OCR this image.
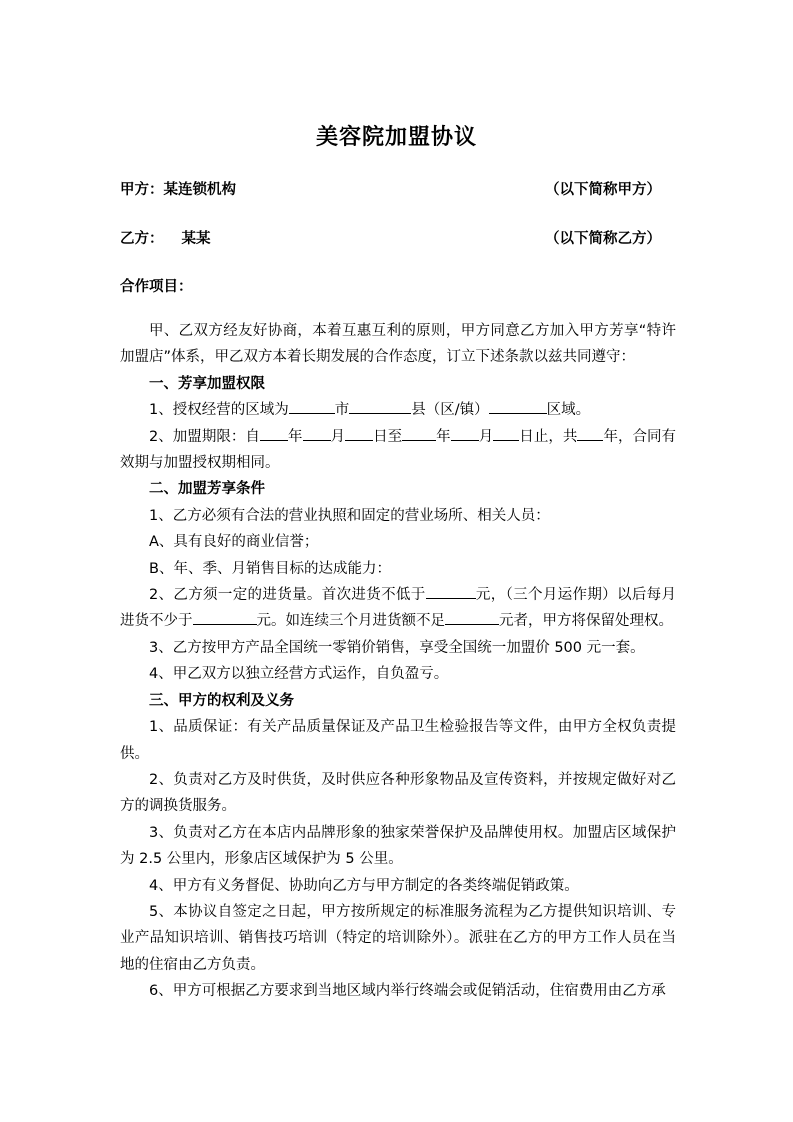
美容院加盟协议
甲方：某连锁机构	（以下简称甲方）
乙方： 某某	（以下简称乙方）
合作项目：

甲、乙双方经友好协商，本着互惠互利的原则，甲方同意乙方加入甲方芳享“特许加盟店”体系，甲乙双方本着长期发展的合作态度，订立下述条款以兹共同遵守：

一、芳享加盟权限

1、授权经营的区域为	市	县（区/镇）	区域。

2、加盟期限：自 年 月 日至 年 月 日止，共 年，合同有效期与加盟授权期相同。

二、加盟芳享条件

1、乙方必须有合法的营业执照和固定的营业场所、相关人员：

A、具有良好的商业信誉；

B、年、季、月销售目标的达成能力：

2、乙方须一定的进货量。首次进货不低于	元，（三个月运作期）以后每月进货不少于	元。如连续三个月进货额不足	元者，甲方将保留处理权。

3、乙方按甲方产品全国统一零销价销售，享受全国统一加盟价 500 元一套。

4、甲乙双方以独立经营方式运作，自负盈亏。

三、甲方的权利及义务

1、品质保证：有关产品质量保证及产品卫生检验报告等文件，由甲方全权负责提供。

2、负责对乙方及时供货，及时供应各种形象物品及宣传资料，并按规定做好对乙方的调换货服务。

3、负责对乙方在本店内品牌形象的独家荣誉保护及品牌使用权。加盟店区域保护为 2.5 公里内，形象店区域保护为 5 公里。

4、甲方有义务督促、协助向乙方与甲方制定的各类终端促销政策。

5、本协议自签定之日起，甲方按所规定的标准服务流程为乙方提供知识培训、专业产品知识培训、销售技巧培训（特定的培训除外）。派驻在乙方的甲方工作人员在当地的住宿由乙方负责。

6、甲方可根据乙方要求到当地区域内举行终端会或促销活动，住宿费用由乙方承
